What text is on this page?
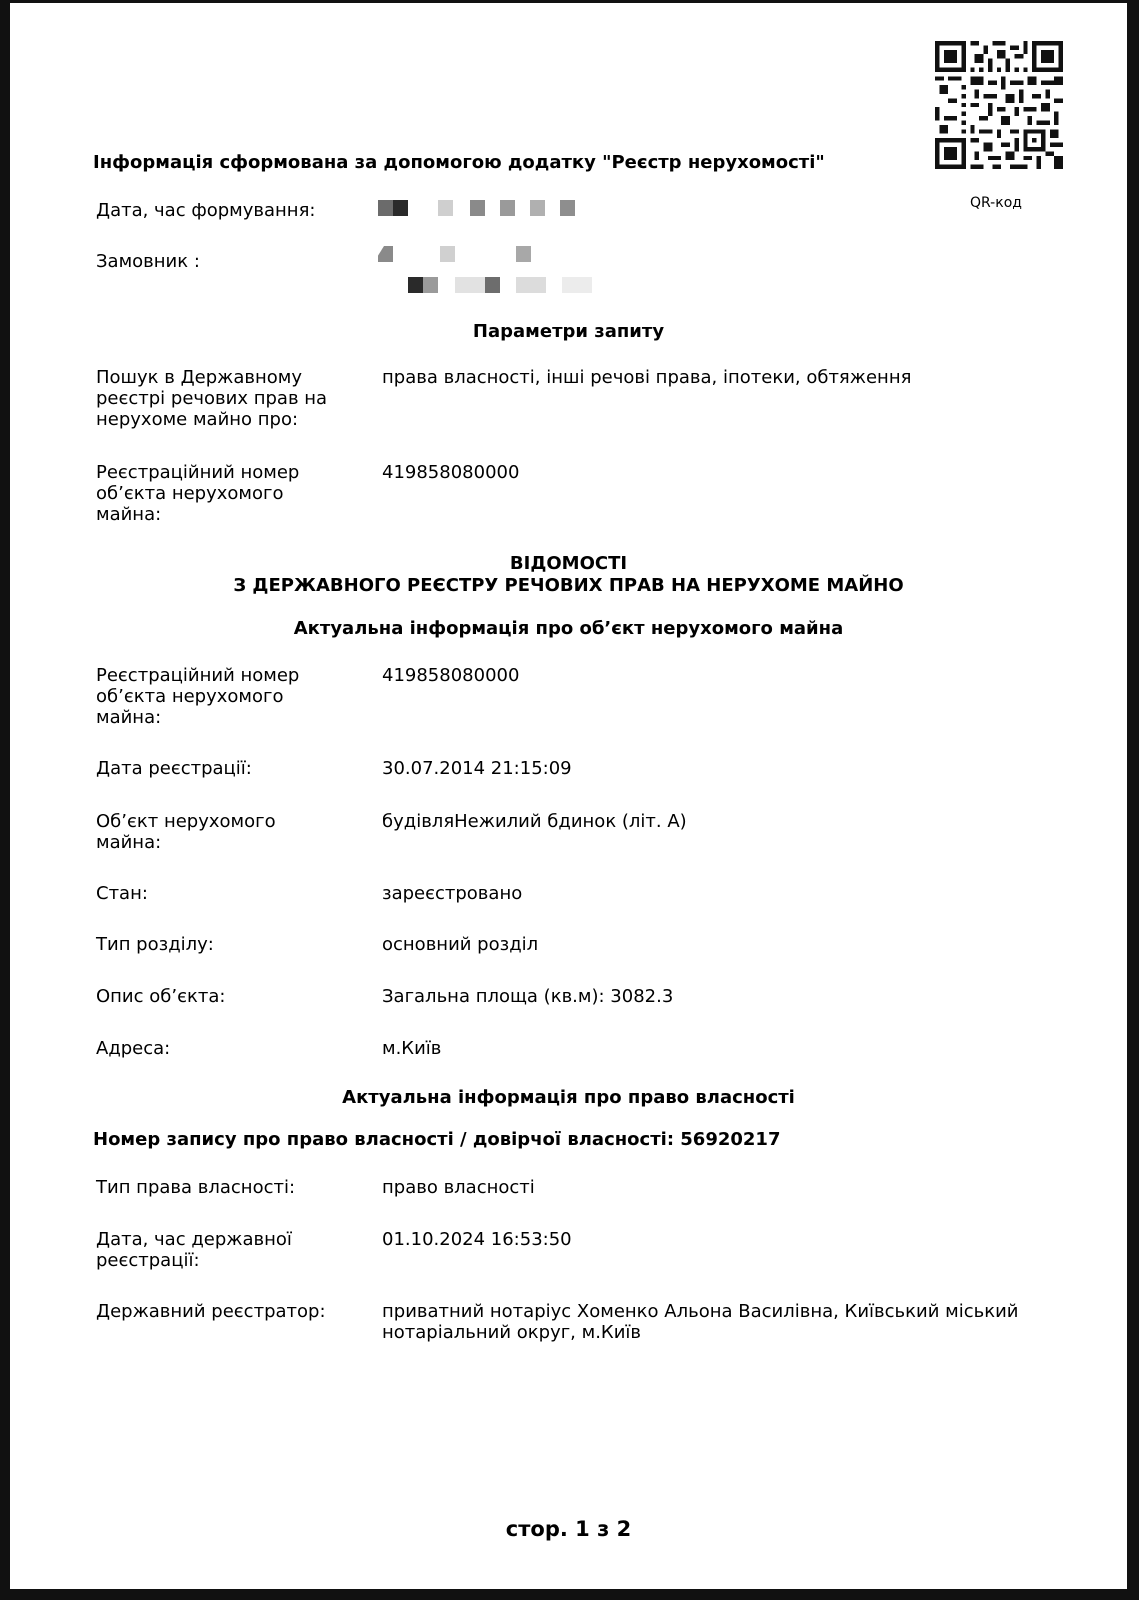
QR-код
Інформація сформована за допомогою додатку "Реєстр нерухомості"
Дата, час формування:
Замовник :
Параметри запиту
Пошук в Державному реєстрі речових прав на нерухоме майно про:
права власності, інші речові права, іпотеки, обтяження
Реєстраційний номер об’єкта нерухомого майна:
419858080000
ВІДОМОСТІ
З ДЕРЖАВНОГО РЕЄСТРУ РЕЧОВИХ ПРАВ НА НЕРУХОМЕ МАЙНО
Актуальна інформація про об’єкт нерухомого майна
Реєстраційний номер об’єкта нерухомого майна:
419858080000
Дата реєстрації:	30.07.2014 21:15:09
Об’єкт нерухомого майна:
будівляНежилий бдинок (літ. А)
Стан:	зареєстровано
Тип розділу:	основний розділ
Опис об’єкта:	Загальна площа (кв.м): 3082.3
Адреса:	м.Київ
Актуальна інформація про право власності
Номер запису про право власності / довірчої власності: 56920217
Тип права власності:	право власності
Дата, час державної реєстрації:
01.10.2024 16:53:50
Державний реєстратор:	приватний нотаріус Хоменко Альона Василівна, Київський міський нотаріальний округ, м.Київ
стор. 1 з 2
